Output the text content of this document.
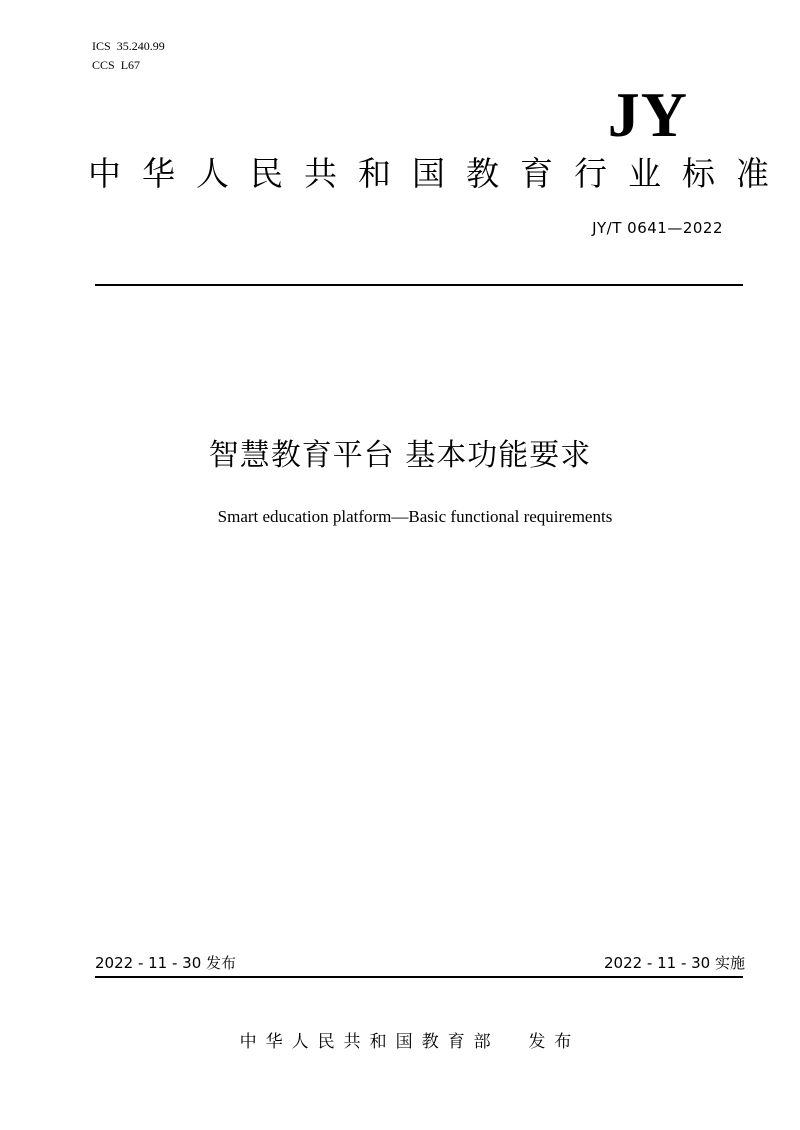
ICS 35.240.99
CCS L67
JY
中华人民共和国教育行业标准
JY/T 0641—2022
智慧教育平台 基本功能要求
Smart education platform—Basic functional requirements
2022 - 11 - 30 发布	2022 - 11 - 30 实施
中华人民共和国教育部  发布
